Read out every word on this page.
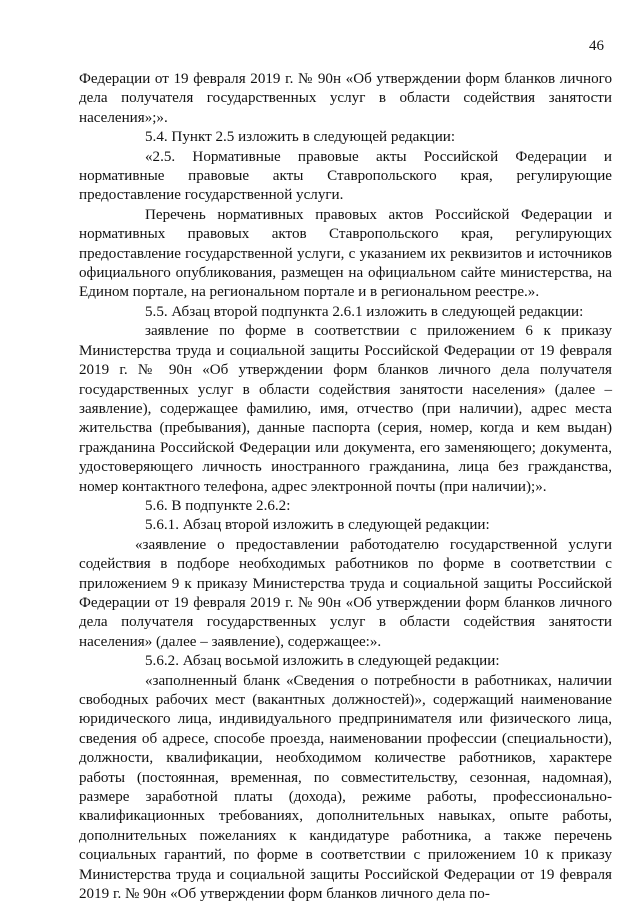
46

Федерации от 19 февраля 2019 г. № 90н «Об утверждении форм бланков личного дела получателя государственных услуг в области содействия занятости населения»;».

5.4. Пункт 2.5 изложить в следующей редакции:

«2.5. Нормативные правовые акты Российской Федерации и нормативные правовые акты Ставропольского края, регулирующие предоставление государственной услуги.

Перечень нормативных правовых актов Российской Федерации и нормативных правовых актов Ставропольского края, регулирующих предоставление государственной услуги, с указанием их реквизитов и источников официального опубликования, размещен на официальном сайте министерства, на Едином портале, на региональном портале и в региональном реестре.».

5.5. Абзац второй подпункта 2.6.1 изложить в следующей редакции:

заявление по форме в соответствии с приложением 6 к приказу Министерства труда и социальной защиты Российской Федерации от 19 февраля 2019 г. № 90н «Об утверждении форм бланков личного дела получателя государственных услуг в области содействия занятости населения» (далее – заявление), содержащее фамилию, имя, отчество (при наличии), адрес места жительства (пребывания), данные паспорта (серия, номер, когда и кем выдан) гражданина Российской Федерации или документа, его заменяющего; документа, удостоверяющего личность иностранного гражданина, лица без гражданства, номер контактного телефона, адрес электронной почты (при наличии);».

5.6. В подпункте 2.6.2:

5.6.1. Абзац второй изложить в следующей редакции:

«заявление о предоставлении работодателю государственной услуги содействия в подборе необходимых работников по форме в соответствии с приложением 9 к приказу Министерства труда и социальной защиты Российской Федерации от 19 февраля 2019 г. № 90н «Об утверждении форм бланков личного дела получателя государственных услуг в области содействия занятости населения» (далее – заявление), содержащее:».

5.6.2. Абзац восьмой изложить в следующей редакции:

«заполненный бланк «Сведения о потребности в работниках, наличии свободных рабочих мест (вакантных должностей)», содержащий наименование юридического лица, индивидуального предпринимателя или физического лица, сведения об адресе, способе проезда, наименовании профессии (специальности), должности, квалификации, необходимом количестве работников, характере работы (постоянная, временная, по совместительству, сезонная, надомная), размере заработной платы (дохода), режиме работы, профессионально-квалификационных требованиях, дополнительных навыках, опыте работы, дополнительных пожеланиях к кандидатуре работника, а также перечень социальных гарантий, по форме в соответствии с приложением 10 к приказу Министерства труда и социальной защиты Российской Федерации от 19 февраля 2019 г. № 90н «Об утверждении форм бланков личного дела по-
